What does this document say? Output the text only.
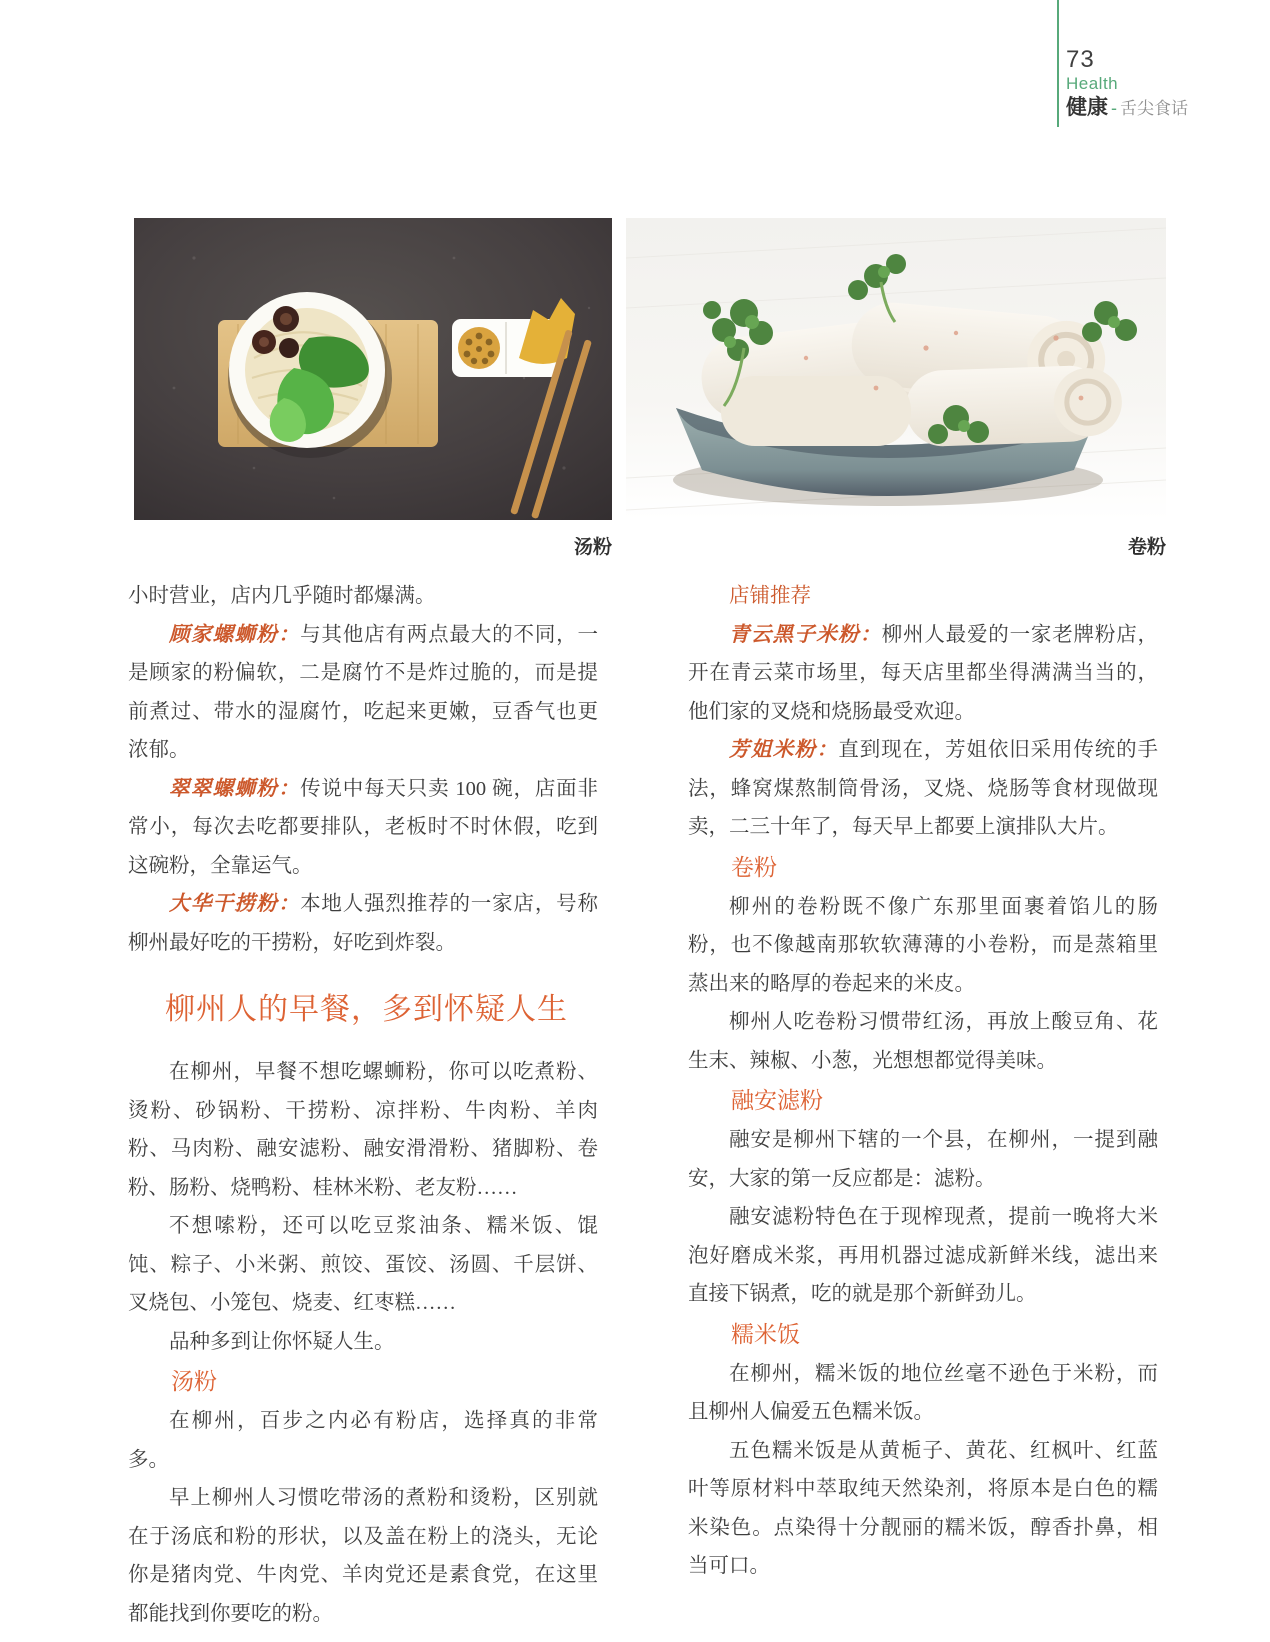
73
Health
健康 - 舌尖食话
汤粉	卷粉

小时营业，店内几乎随时都爆满。

顾家螺蛳粉：与其他店有两点最大的不同，一是顾家的粉偏软，二是腐竹不是炸过脆的，而是提前煮过、带水的湿腐竹，吃起来更嫩，豆香气也更浓郁。

翠翠螺蛳粉：传说中每天只卖 100 碗，店面非常小，每次去吃都要排队，老板时不时休假，吃到这碗粉，全靠运气。

大华干捞粉：本地人强烈推荐的一家店，号称柳州最好吃的干捞粉，好吃到炸裂。

柳州人的早餐，多到怀疑人生

在柳州，早餐不想吃螺蛳粉，你可以吃煮粉、烫粉、砂锅粉、干捞粉、凉拌粉、牛肉粉、羊肉粉、马肉粉、融安滤粉、融安滑滑粉、猪脚粉、卷粉、肠粉、烧鸭粉、桂林米粉、老友粉……

不想嗦粉，还可以吃豆浆油条、糯米饭、馄饨、粽子、小米粥、煎饺、蛋饺、汤圆、千层饼、叉烧包、小笼包、烧麦、红枣糕……

品种多到让你怀疑人生。

汤粉

在柳州，百步之内必有粉店，选择真的非常多。

早上柳州人习惯吃带汤的煮粉和烫粉，区别就在于汤底和粉的形状，以及盖在粉上的浇头，无论你是猪肉党、牛肉党、羊肉党还是素食党，在这里都能找到你要吃的粉。

店铺推荐

青云黑子米粉：柳州人最爱的一家老牌粉店，开在青云菜市场里，每天店里都坐得满满当当的，他们家的叉烧和烧肠最受欢迎。

芳姐米粉：直到现在，芳姐依旧采用传统的手法，蜂窝煤熬制筒骨汤，叉烧、烧肠等食材现做现卖，二三十年了，每天早上都要上演排队大片。

卷粉

柳州的卷粉既不像广东那里面裹着馅儿的肠粉，也不像越南那软软薄薄的小卷粉，而是蒸箱里蒸出来的略厚的卷起来的米皮。

柳州人吃卷粉习惯带红汤，再放上酸豆角、花生末、辣椒、小葱，光想想都觉得美味。

融安滤粉

融安是柳州下辖的一个县，在柳州，一提到融安，大家的第一反应都是：滤粉。

融安滤粉特色在于现榨现煮，提前一晚将大米泡好磨成米浆，再用机器过滤成新鲜米线，滤出来直接下锅煮，吃的就是那个新鲜劲儿。

糯米饭

在柳州，糯米饭的地位丝毫不逊色于米粉，而且柳州人偏爱五色糯米饭。

五色糯米饭是从黄栀子、黄花、红枫叶、红蓝叶等原材料中萃取纯天然染剂，将原本是白色的糯米染色。点染得十分靓丽的糯米饭，醇香扑鼻，相当可口。
